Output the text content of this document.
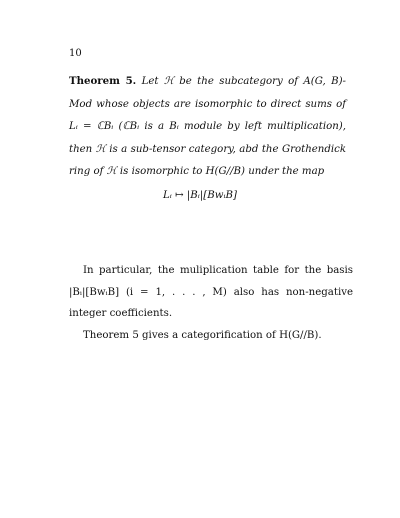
10
Theorem 5. Let ℋ be the subcategory of A(G, B)-Mod whose objects are isomorphic to direct sums of Lᵢ = ℂBᵢ (ℂBᵢ is a Bᵢ module by left multiplication), then ℋ is a sub-tensor category, abd the Grothendick ring of ℋ is isomorphic to H(G//B) under the map
Lᵢ ↦ |Bᵢ|[BwᵢB]
In particular, the muliplication table for the basis |Bᵢ|[BwᵢB] (i = 1, . . . , M) also has non-negative integer coefficients.
Theorem 5 gives a categorification of H(G//B).
